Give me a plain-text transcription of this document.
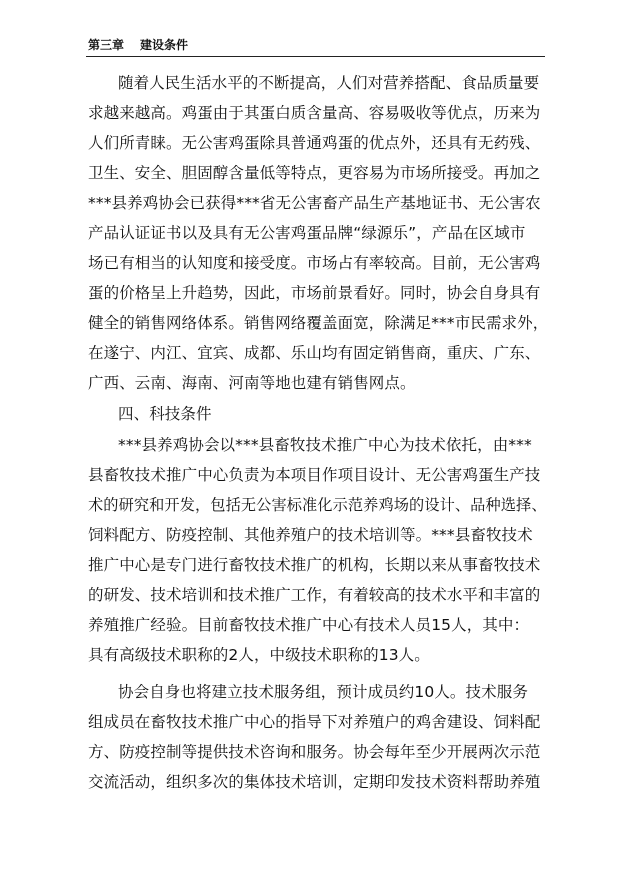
第三章 建设条件
随着人民生活水平的不断提高，人们对营养搭配、食品质量要
求越来越高。鸡蛋由于其蛋白质含量高、容易吸收等优点，历来为
人们所青睐。无公害鸡蛋除具普通鸡蛋的优点外，还具有无药残、
卫生、安全、胆固醇含量低等特点，更容易为市场所接受。再加之
***县养鸡协会已获得***省无公害畜产品生产基地证书、无公害农
产品认证证书以及具有无公害鸡蛋品牌“绿源乐”，产品在区域市
场已有相当的认知度和接受度。市场占有率较高。目前，无公害鸡
蛋的价格呈上升趋势，因此，市场前景看好。同时，协会自身具有
健全的销售网络体系。销售网络覆盖面宽，除满足***市民需求外，
在遂宁、内江、宜宾、成都、乐山均有固定销售商，重庆、广东、
广西、云南、海南、河南等地也建有销售网点。
四、科技条件
***县养鸡协会以***县畜牧技术推广中心为技术依托，由***
县畜牧技术推广中心负责为本项目作项目设计、无公害鸡蛋生产技
术的研究和开发，包括无公害标准化示范养鸡场的设计、品种选择、
饲料配方、防疫控制、其他养殖户的技术培训等。***县畜牧技术
推广中心是专门进行畜牧技术推广的机构，长期以来从事畜牧技术
的研发、技术培训和技术推广工作，有着较高的技术水平和丰富的
养殖推广经验。目前畜牧技术推广中心有技术人员15人，其中：
具有高级技术职称的2人，中级技术职称的13人。
协会自身也将建立技术服务组，预计成员约10人。技术服务
组成员在畜牧技术推广中心的指导下对养殖户的鸡舍建设、饲料配
方、防疫控制等提供技术咨询和服务。协会每年至少开展两次示范
交流活动，组织多次的集体技术培训，定期印发技术资料帮助养殖
